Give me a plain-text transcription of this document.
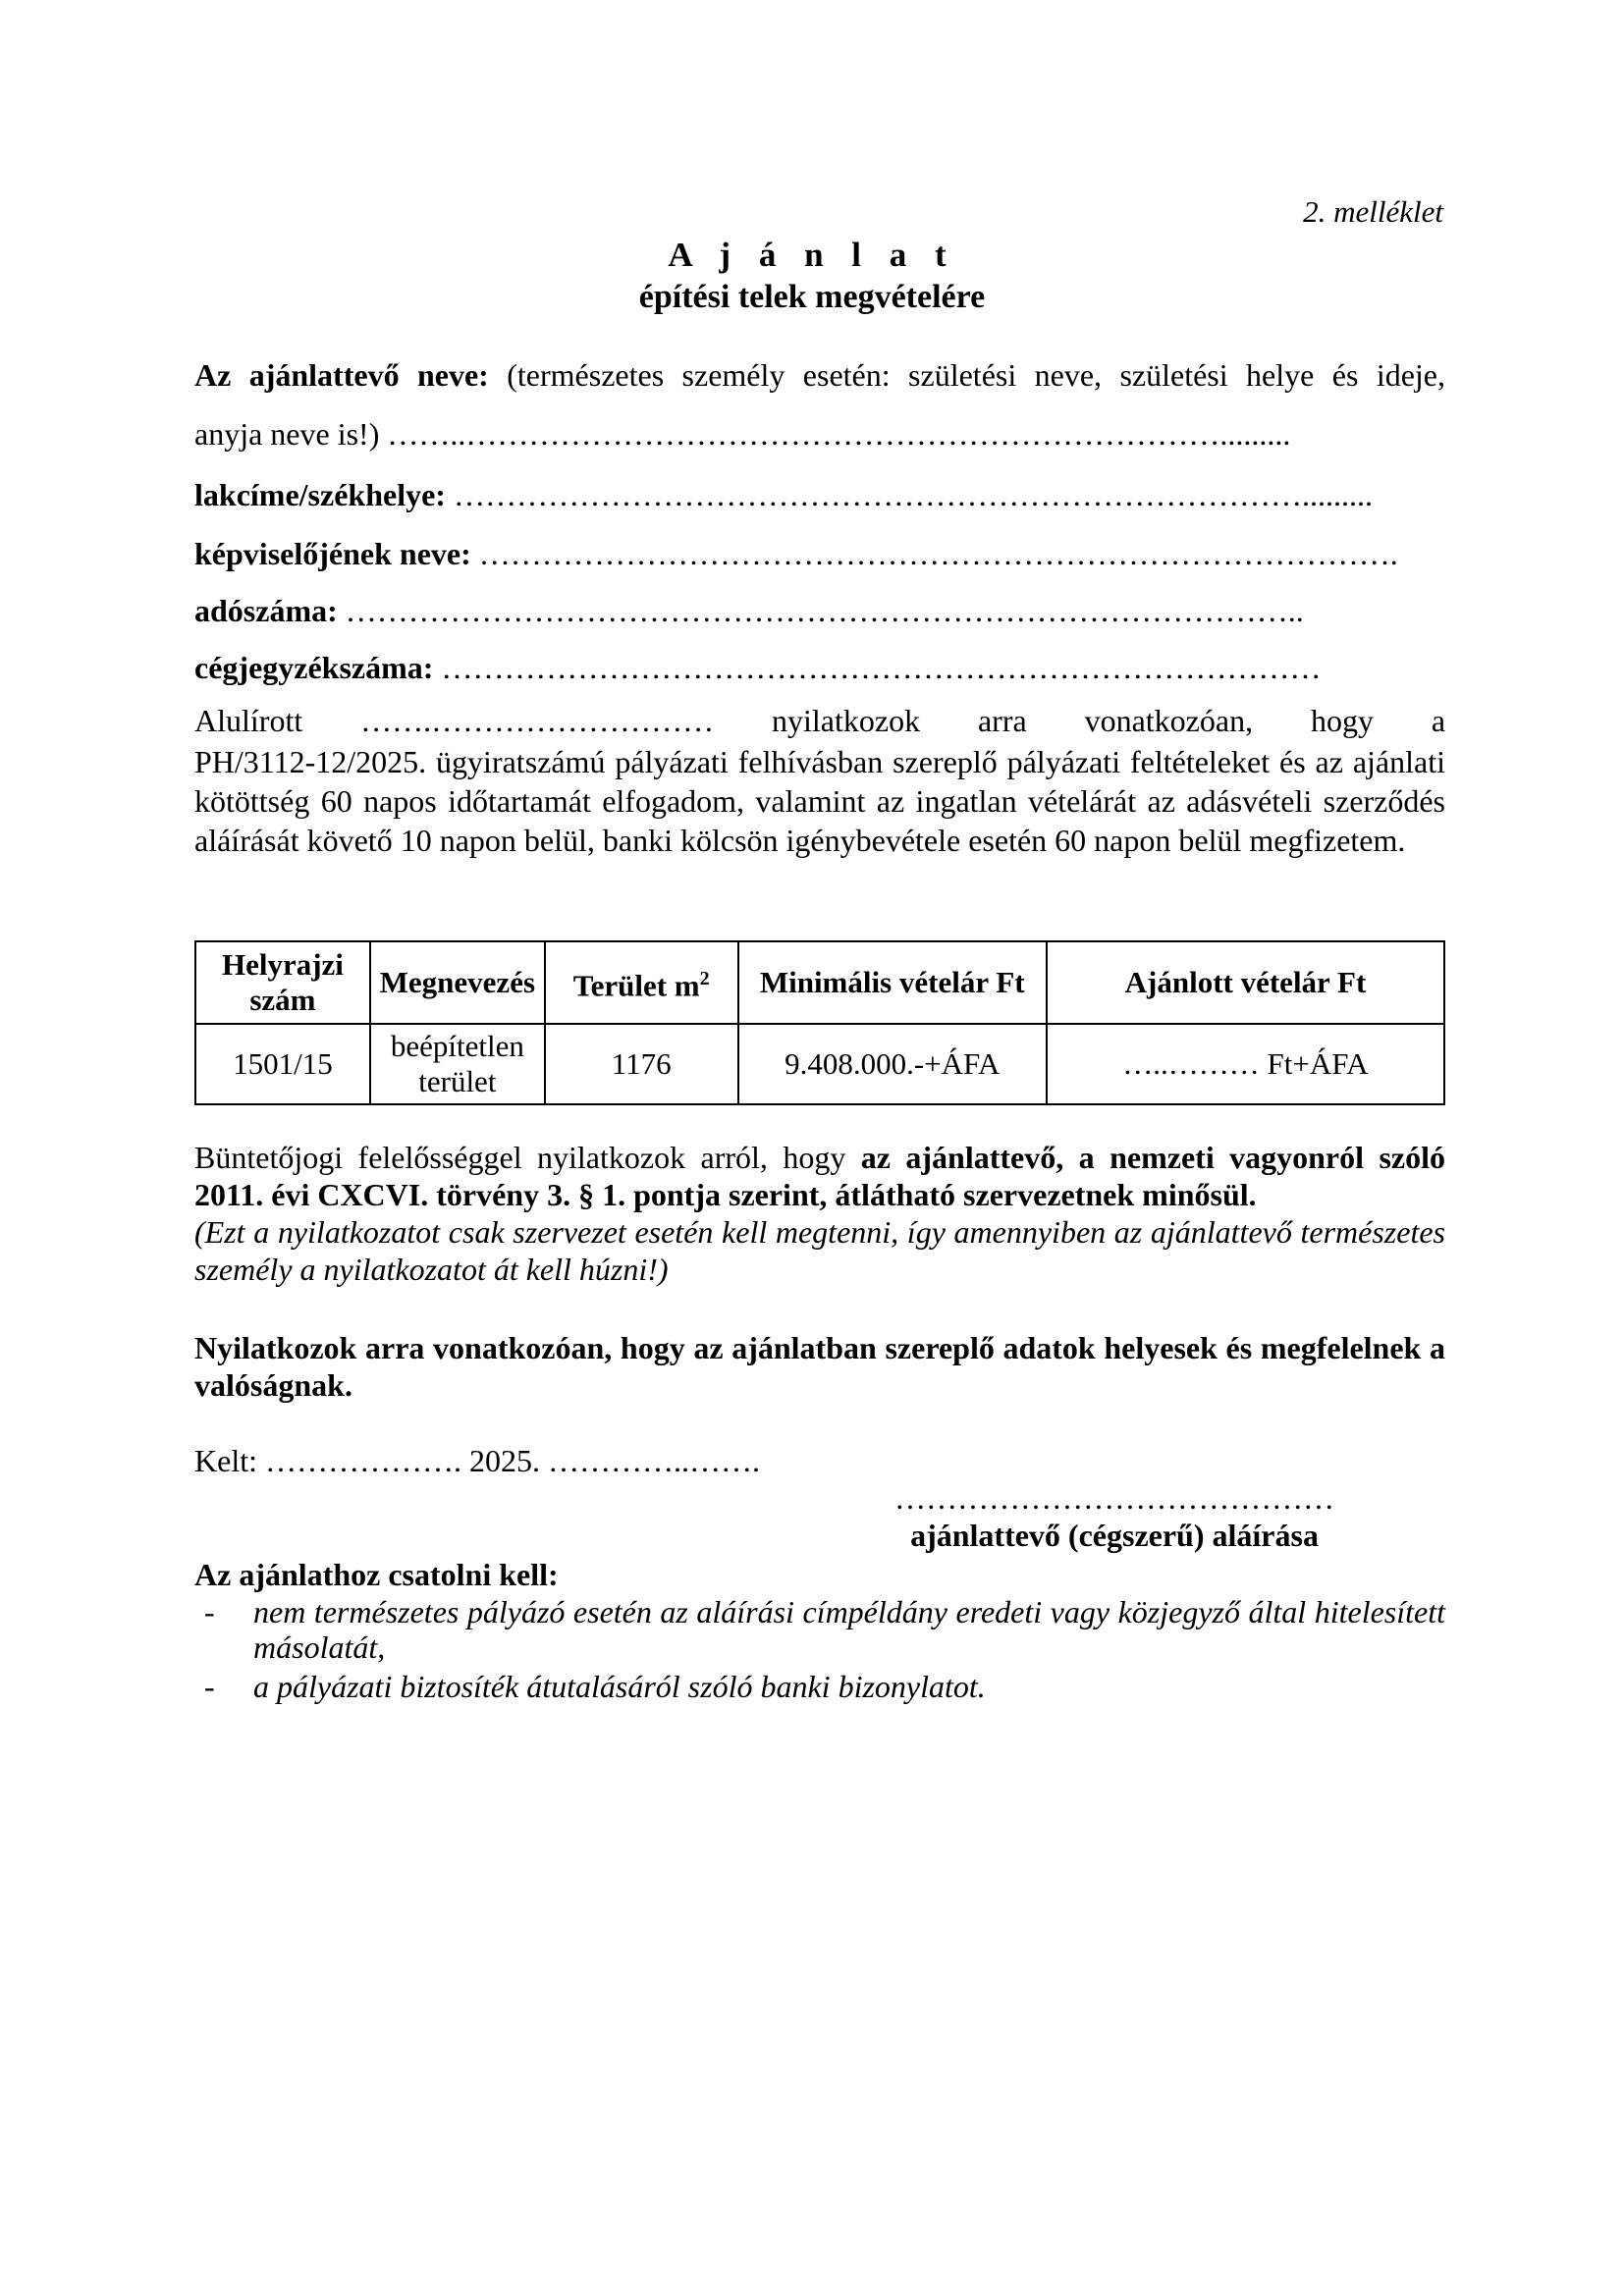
2. melléklet
A j á n l a t
építési telek megvételére
Az ajánlattevő neve: (természetes személy esetén: születési neve, születési helye és ideje,
anyja neve is!) ……..……………………………………………………………….........
lakcíme/székhelye: ……………………………………………………………………….........
képviselőjének neve: …………………………………………………………………………….
adószáma: ………………………………………………………………………………..
cégjegyzékszáma: …………………………………………………………………………
Alulírott …….……………………… nyilatkozok arra vonatkozóan, hogy a
PH/3112-12/2025. ügyiratszámú pályázati felhívásban szereplő pályázati feltételeket és az ajánlati kötöttség 60 napos időtartamát elfogadom, valamint az ingatlan vételárát az adásvételi szerződés aláírását követő 10 napon belül, banki kölcsön igénybevétele esetén 60 napon belül megfizetem.
Helyrajzi szám	Megnevezés	Terület $m^2$	Minimális vételár Ft	Ajánlott vételár Ft
1501/15	beépítetlen terület	1176	9.408.000.-+ÁFA	…..……… Ft+ÁFA
Büntetőjogi felelősséggel nyilatkozok arról, hogy az ajánlattevő, a nemzeti vagyonról szóló 2011. évi CXCVI. törvény 3. § 1. pontja szerint, átlátható szervezetnek minősül.
(Ezt a nyilatkozatot csak szervezet esetén kell megtenni, így amennyiben az ajánlattevő természetes személy a nyilatkozatot át kell húzni!)
Nyilatkozok arra vonatkozóan, hogy az ajánlatban szereplő adatok helyesek és megfelelnek a valóságnak.
Kelt: ………………. 2025. …………..…….
……………………………………
ajánlattevő (cégszerű) aláírása
Az ajánlathoz csatolni kell:
- nem természetes pályázó esetén az aláírási címpéldány eredeti vagy közjegyző által hitelesített másolatát,
- a pályázati biztosíték átutalásáról szóló banki bizonylatot.
